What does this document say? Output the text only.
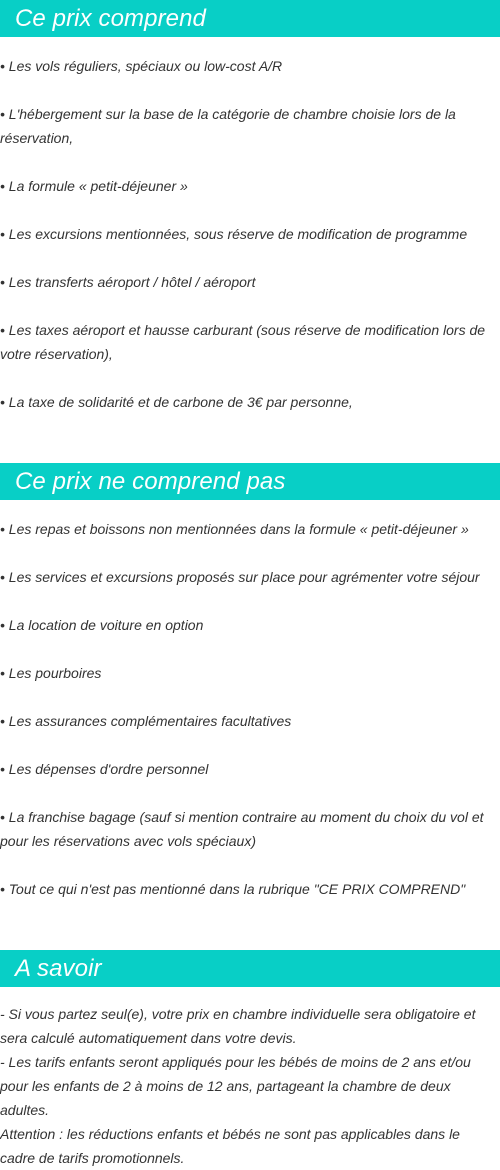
Ce prix comprend
• Les vols réguliers, spéciaux ou low-cost A/R
• L'hébergement sur la base de la catégorie de chambre choisie lors de la réservation,
• La formule « petit-déjeuner »
• Les excursions mentionnées, sous réserve de modification de programme
• Les transferts aéroport / hôtel / aéroport
• Les taxes aéroport et hausse carburant (sous réserve de modification lors de votre réservation),
• La taxe de solidarité et de carbone de 3€ par personne,
Ce prix ne comprend pas
• Les repas et boissons non mentionnées dans la formule « petit-déjeuner »
• Les services et excursions proposés sur place pour agrémenter votre séjour
• La location de voiture en option
• Les pourboires
• Les assurances complémentaires facultatives
• Les dépenses d'ordre personnel
• La franchise bagage (sauf si mention contraire au moment du choix du vol et pour les réservations avec vols spéciaux)
• Tout ce qui n'est pas mentionné dans la rubrique "CE PRIX COMPREND"
A savoir

- Si vous partez seul(e), votre prix en chambre individuelle sera obligatoire et sera calculé automatiquement dans votre devis.

- Les tarifs enfants seront appliqués pour les bébés de moins de 2 ans et/ou pour les enfants de 2 à moins de 12 ans, partageant la chambre de deux adultes.

Attention : les réductions enfants et bébés ne sont pas applicables dans le cadre de tarifs promotionnels.
